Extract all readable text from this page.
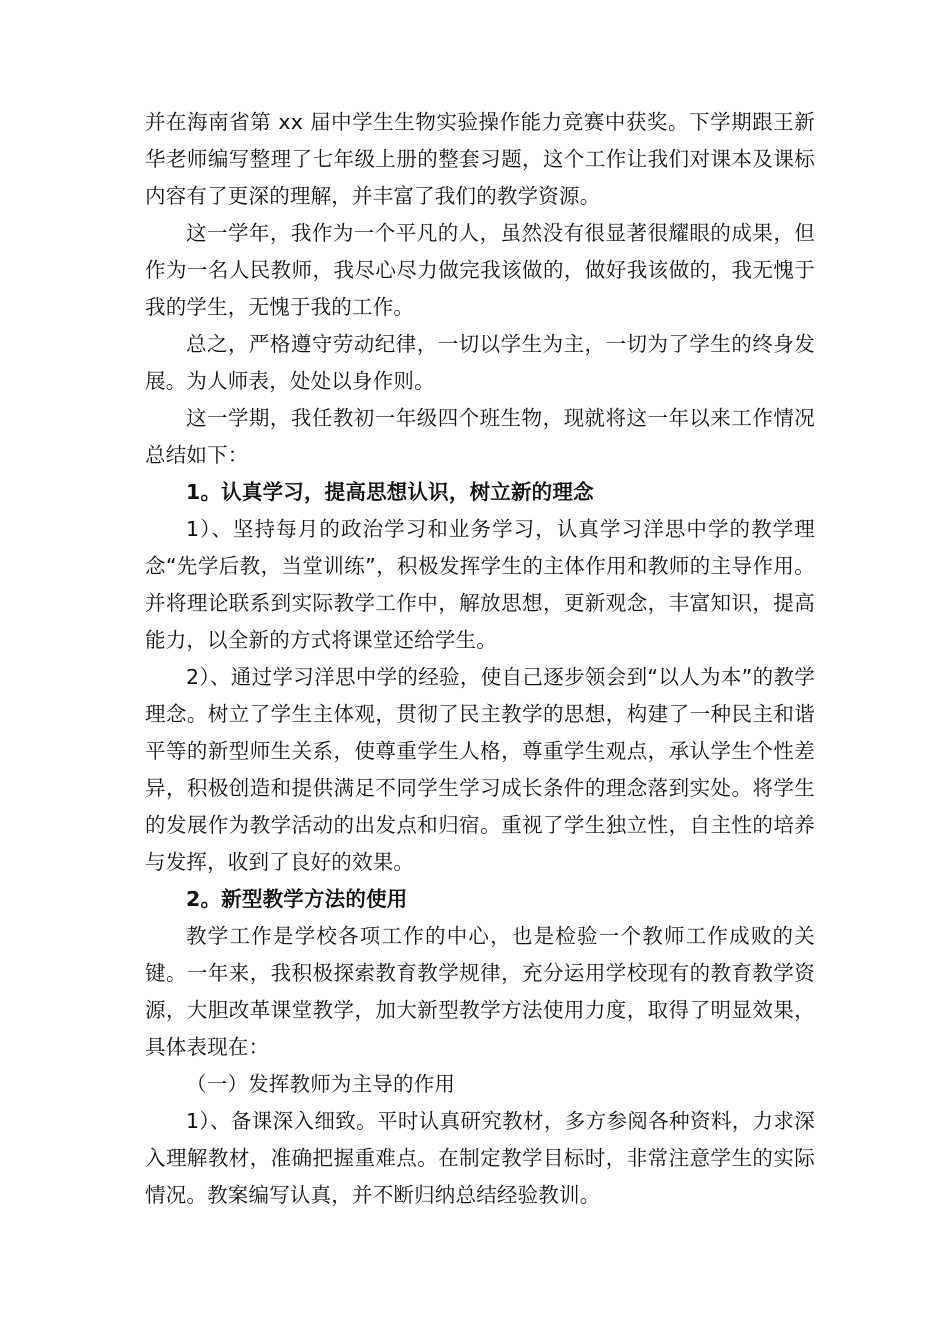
并在海南省第 xx 届中学生生物实验操作能力竞赛中获奖。下学期跟王新华老师编写整理了七年级上册的整套习题，这个工作让我们对课本及课标内容有了更深的理解，并丰富了我们的教学资源。

这一学年，我作为一个平凡的人，虽然没有很显著很耀眼的成果，但作为一名人民教师，我尽心尽力做完我该做的，做好我该做的，我无愧于我的学生，无愧于我的工作。

总之，严格遵守劳动纪律，一切以学生为主，一切为了学生的终身发展。为人师表，处处以身作则。

这一学期，我任教初一年级四个班生物，现就将这一年以来工作情况总结如下：

1。认真学习，提高思想认识，树立新的理念

1）、坚持每月的政治学习和业务学习，认真学习洋思中学的教学理念“先学后教，当堂训练”，积极发挥学生的主体作用和教师的主导作用。并将理论联系到实际教学工作中，解放思想，更新观念，丰富知识，提高能力，以全新的方式将课堂还给学生。

2）、通过学习洋思中学的经验，使自己逐步领会到“以人为本”的教学理念。树立了学生主体观，贯彻了民主教学的思想，构建了一种民主和谐平等的新型师生关系，使尊重学生人格，尊重学生观点，承认学生个性差异，积极创造和提供满足不同学生学习成长条件的理念落到实处。将学生的发展作为教学活动的出发点和归宿。重视了学生独立性，自主性的培养与发挥，收到了良好的效果。

2。新型教学方法的使用

教学工作是学校各项工作的中心，也是检验一个教师工作成败的关键。一年来，我积极探索教育教学规律，充分运用学校现有的教育教学资源，大胆改革课堂教学，加大新型教学方法使用力度，取得了明显效果，具体表现在：

（一）发挥教师为主导的作用

1）、备课深入细致。平时认真研究教材，多方参阅各种资料，力求深入理解教材，准确把握重难点。在制定教学目标时，非常注意学生的实际情况。教案编写认真，并不断归纳总结经验教训。
